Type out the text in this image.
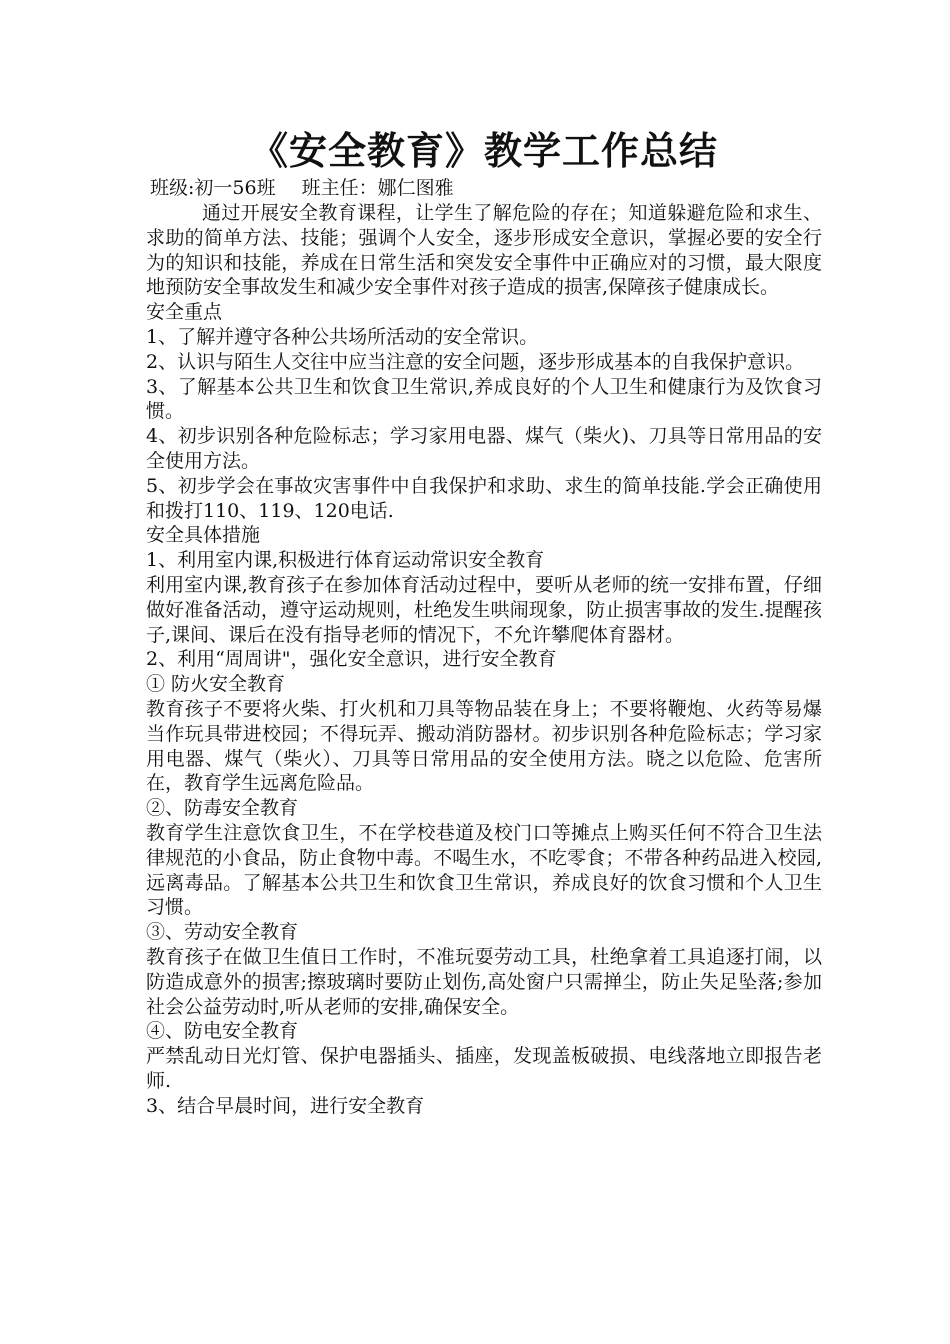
《安全教育》教学工作总结

班级:初一56班 班主任：娜仁图雅

通过开展安全教育课程，让学生了解危险的存在；知道躲避危险和求生、求助的简单方法、技能；强调个人安全，逐步形成安全意识，掌握必要的安全行为的知识和技能，养成在日常生活和突发安全事件中正确应对的习惯，最大限度地预防安全事故发生和减少安全事件对孩子造成的损害,保障孩子健康成长。

安全重点

1、了解并遵守各种公共场所活动的安全常识。

2、认识与陌生人交往中应当注意的安全问题，逐步形成基本的自我保护意识。

3、了解基本公共卫生和饮食卫生常识,养成良好的个人卫生和健康行为及饮食习惯。

4、初步识别各种危险标志；学习家用电器、煤气（柴火)、刀具等日常用品的安全使用方法。

5、初步学会在事故灾害事件中自我保护和求助、求生的简单技能.学会正确使用和拨打110、119、120电话.

安全具体措施

1、利用室内课,积极进行体育运动常识安全教育

利用室内课,教育孩子在参加体育活动过程中，要听从老师的统一安排布置，仔细做好准备活动，遵守运动规则，杜绝发生哄闹现象，防止损害事故的发生.提醒孩子,课间、课后在没有指导老师的情况下，不允许攀爬体育器材。

2、利用“周周讲"，强化安全意识，进行安全教育

① 防火安全教育

教育孩子不要将火柴、打火机和刀具等物品装在身上；不要将鞭炮、火药等易爆当作玩具带进校园；不得玩弄、搬动消防器材。初步识别各种危险标志；学习家用电器、煤气（柴火）、刀具等日常用品的安全使用方法。晓之以危险、危害所在，教育学生远离危险品。

②、防毒安全教育

教育学生注意饮食卫生，不在学校巷道及校门口等摊点上购买任何不符合卫生法律规范的小食品，防止食物中毒。不喝生水，不吃零食；不带各种药品进入校园,远离毒品。了解基本公共卫生和饮食卫生常识，养成良好的饮食习惯和个人卫生习惯。

③、劳动安全教育

教育孩子在做卫生值日工作时，不准玩耍劳动工具，杜绝拿着工具追逐打闹，以防造成意外的损害;擦玻璃时要防止划伤,高处窗户只需掸尘，防止失足坠落;参加社会公益劳动时,听从老师的安排,确保安全。

④、防电安全教育

严禁乱动日光灯管、保护电器插头、插座，发现盖板破损、电线落地立即报告老师.

3、结合早晨时间，进行安全教育
